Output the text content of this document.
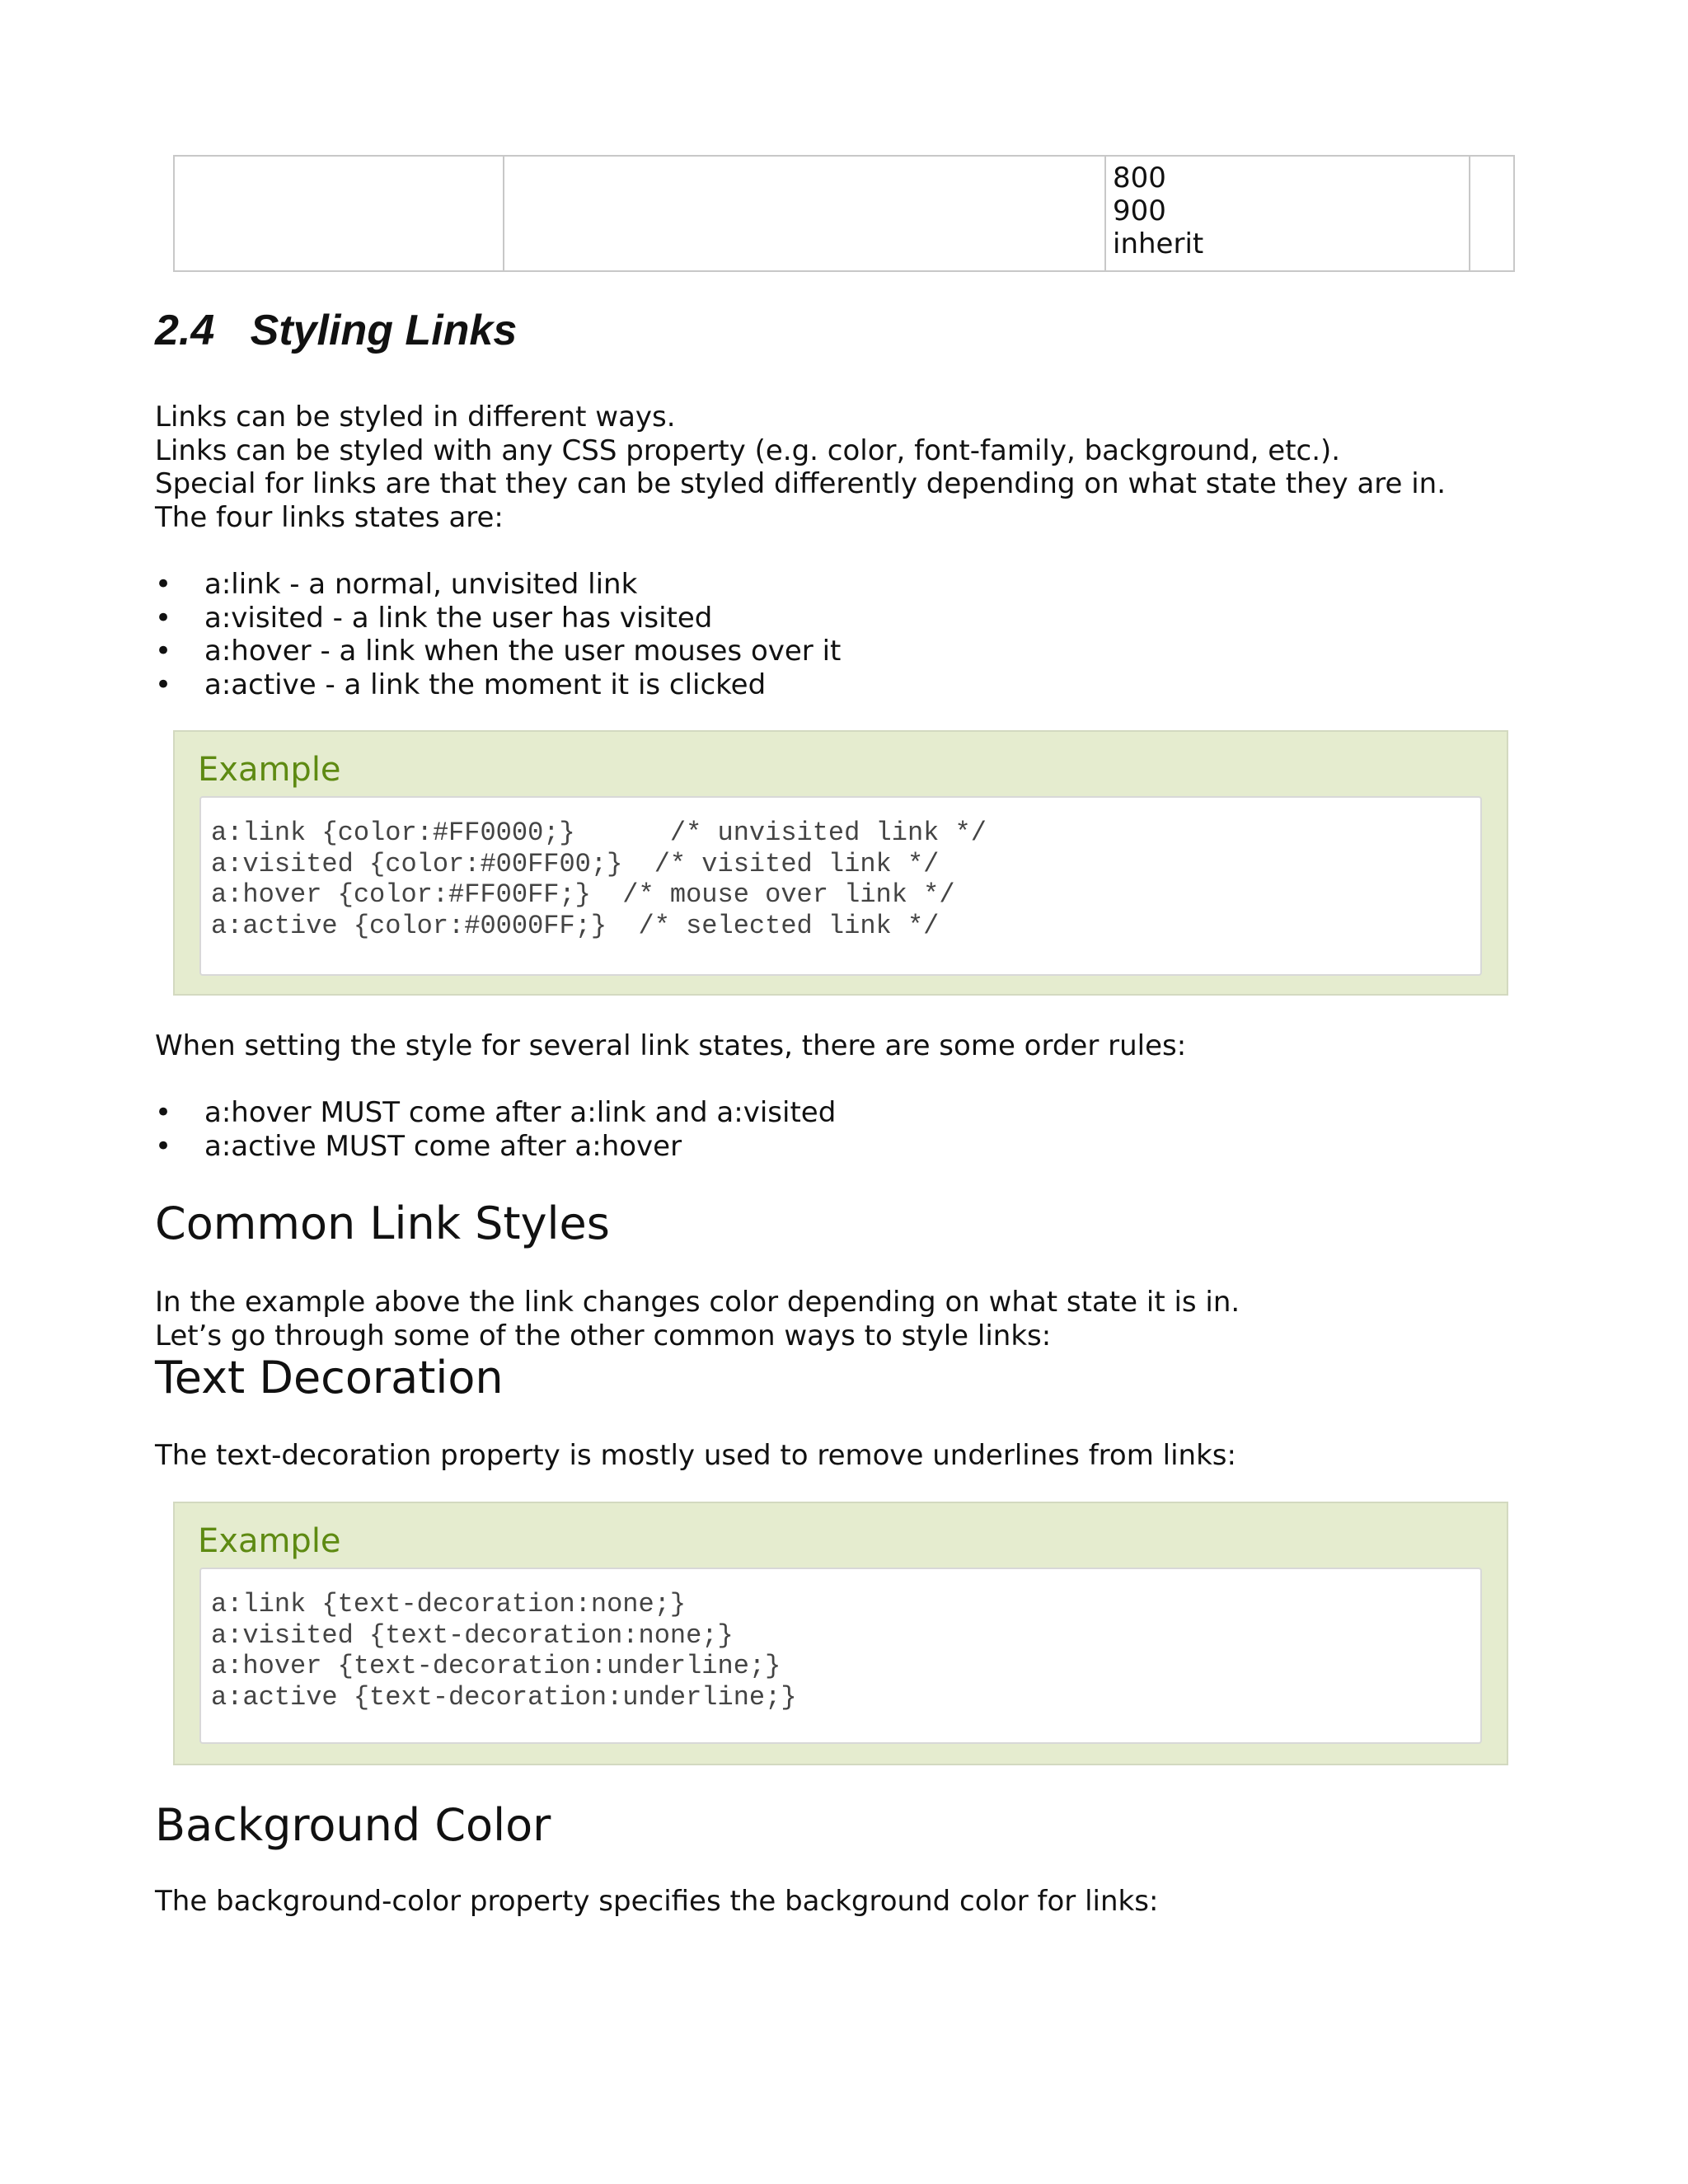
800
900
inherit

2.4 Styling Links
Links can be styled in different ways.
Links can be styled with any CSS property (e.g. color, font-family, background, etc.).
Special for links are that they can be styled differently depending on what state they are in.
The four links states are:
• a:link - a normal, unvisited link
• a:visited - a link the user has visited
• a:hover - a link when the user mouses over it
• a:active - a link the moment it is clicked
Example
a:link {color:#FF0000;}      /* unvisited link */
a:visited {color:#00FF00;}  /* visited link */
a:hover {color:#FF00FF;}  /* mouse over link */
a:active {color:#0000FF;}  /* selected link */
When setting the style for several link states, there are some order rules:
• a:hover MUST come after a:link and a:visited
• a:active MUST come after a:hover
Common Link Styles
In the example above the link changes color depending on what state it is in.
Let’s go through some of the other common ways to style links:
Text Decoration
The text-decoration property is mostly used to remove underlines from links:
Example
a:link {text-decoration:none;}
a:visited {text-decoration:none;}
a:hover {text-decoration:underline;}
a:active {text-decoration:underline;}
Background Color
The background-color property specifies the background color for links:
